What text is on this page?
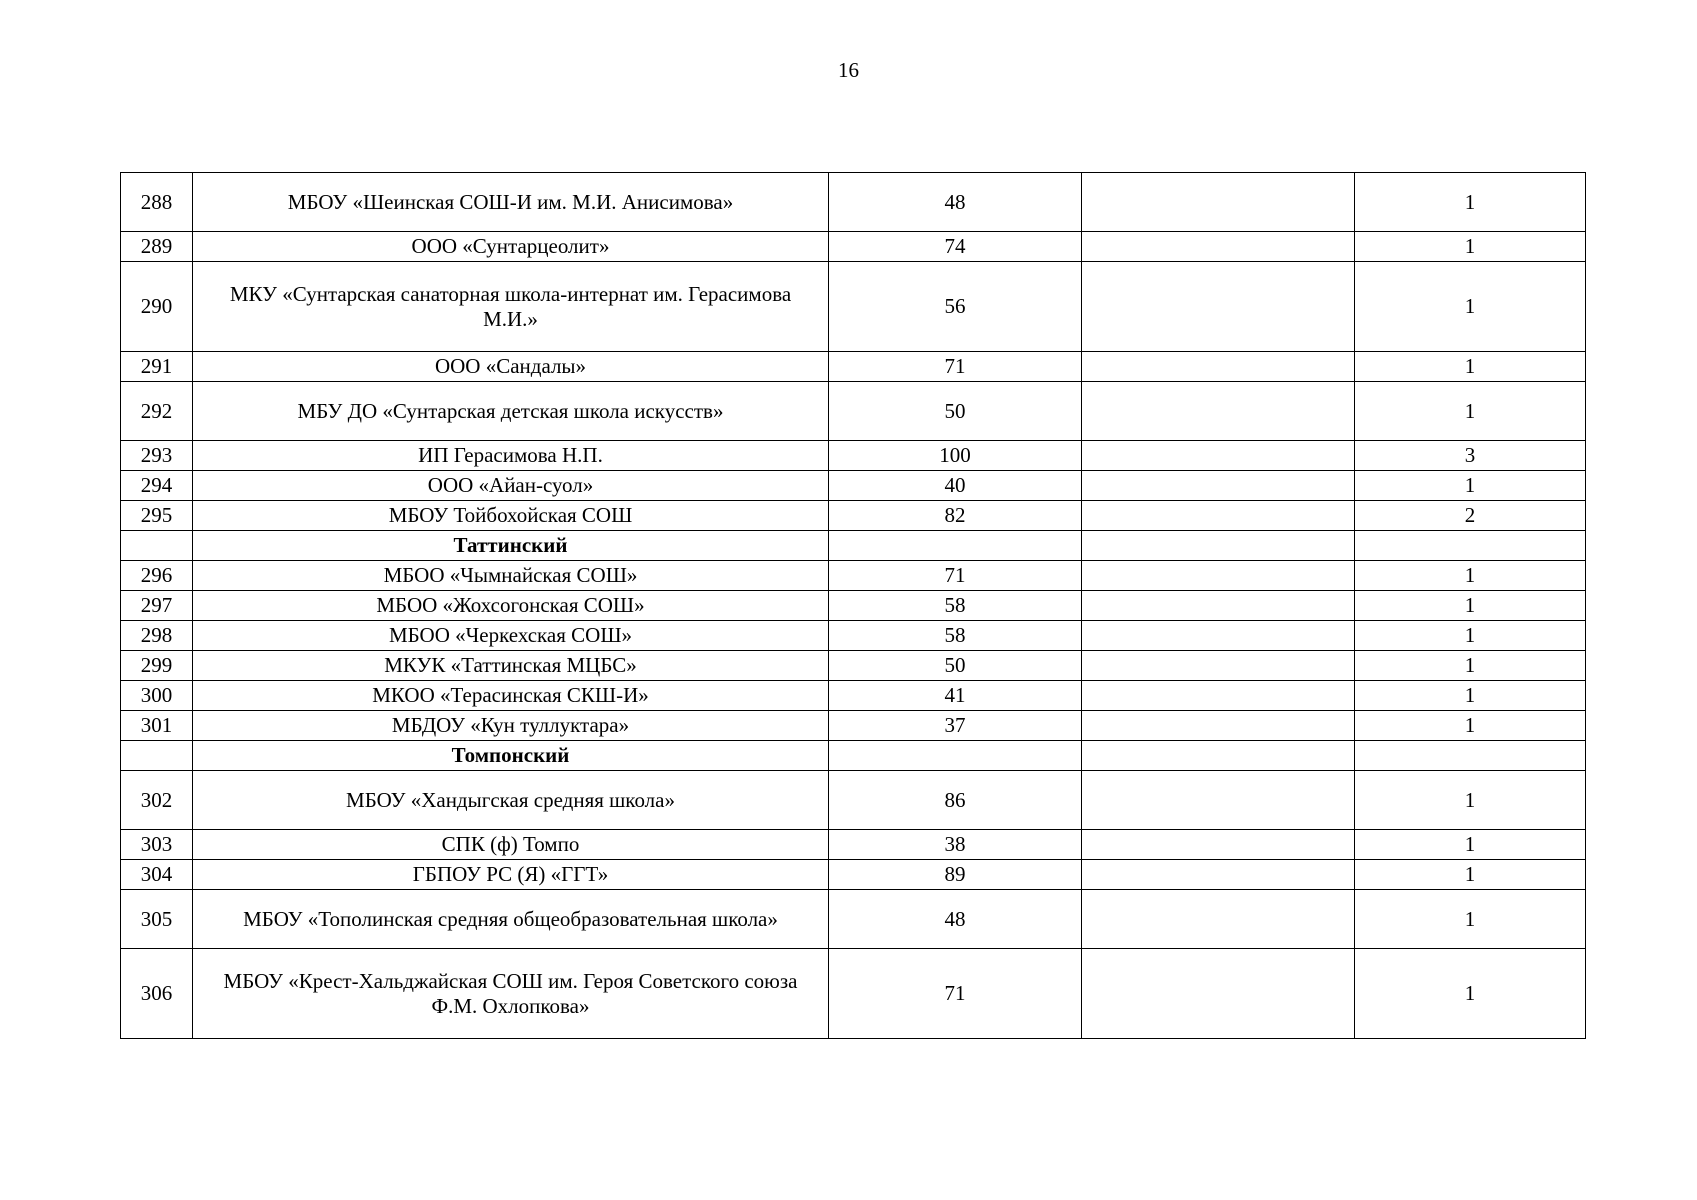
16
288	МБОУ «Шеинская СОШ-И им. М.И. Анисимова»	48		1
289	ООО «Сунтарцеолит»	74		1
290	МКУ «Сунтарская санаторная школа-интернат им. Герасимова М.И.»	56		1
291	ООО «Сандалы»	71		1
292	МБУ ДО «Сунтарская детская школа искусств»	50		1
293	ИП Герасимова Н.П.	100		3
294	ООО «Айан-суол»	40		1
295	МБОУ Тойбохойская СОШ	82		2
	Таттинский			
296	МБОО «Чымнайская СОШ»	71		1
297	МБОО «Жохсогонская СОШ»	58		1
298	МБОО «Черкехская СОШ»	58		1
299	МКУК «Таттинская МЦБС»	50		1
300	МКОО «Терасинская СКШ-И»	41		1
301	МБДОУ «Кун туллуктара»	37		1
	Томпонский			
302	МБОУ «Хандыгская средняя школа»	86		1
303	СПК (ф) Томпо	38		1
304	ГБПОУ РС (Я) «ГГТ»	89		1
305	МБОУ «Тополинская средняя общеобразовательная школа»	48		1
306	МБОУ «Крест-Хальджайская СОШ им. Героя Советского союза Ф.М. Охлопкова»	71		1
